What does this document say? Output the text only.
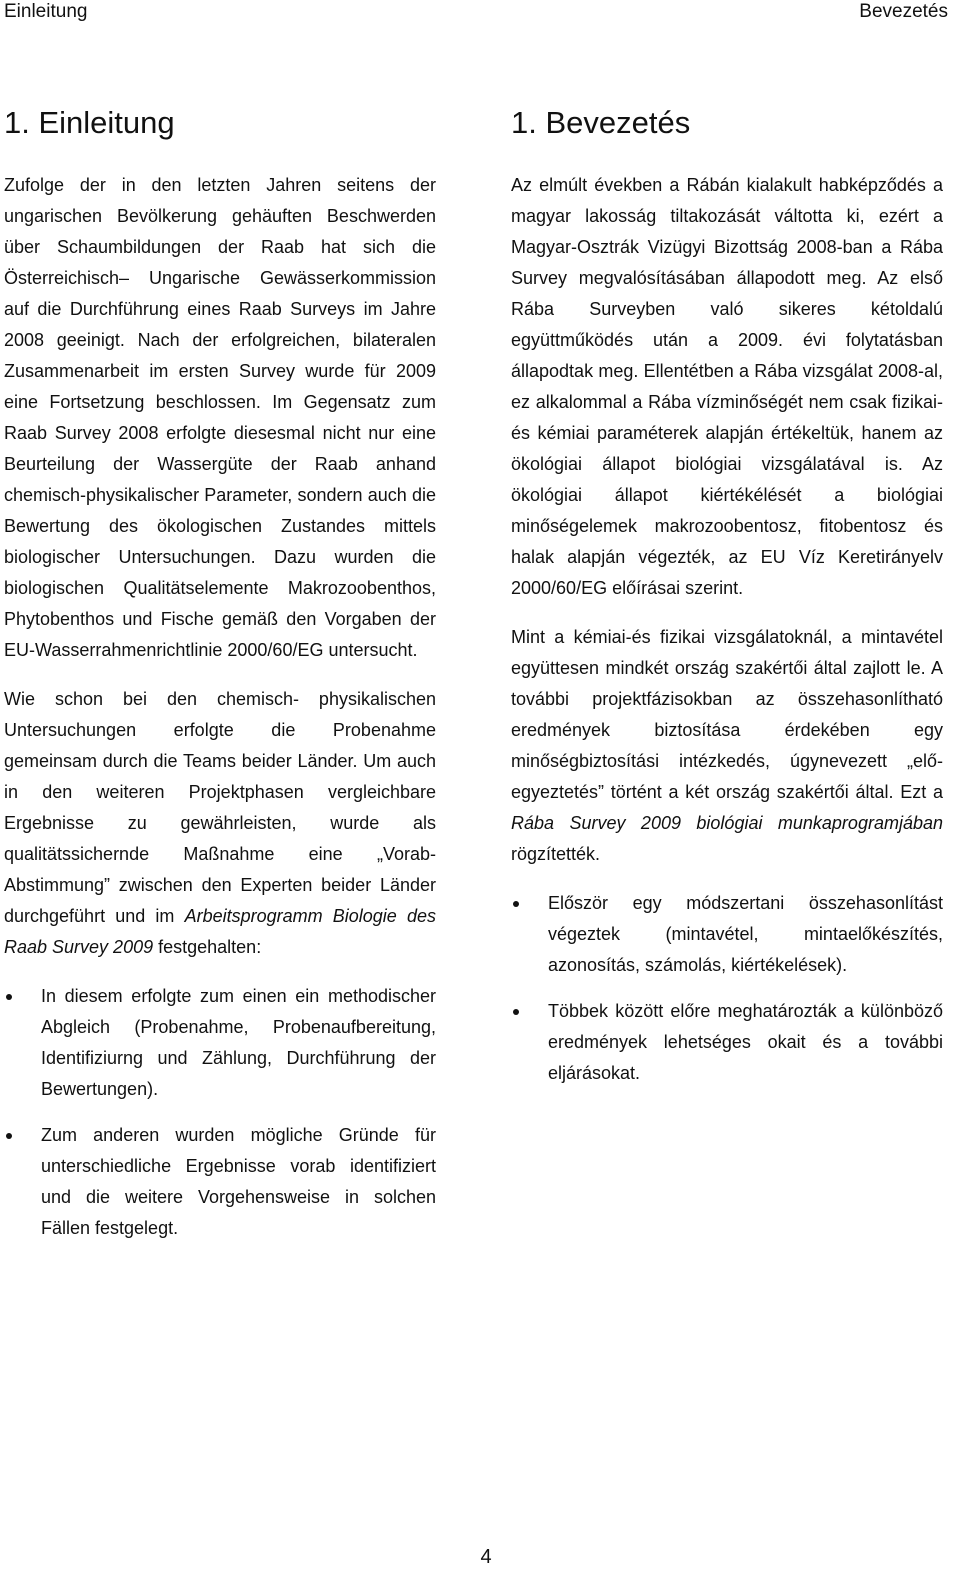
Einleitung	Bevezetés
1. Einleitung

Zufolge der in den letzten Jahren seitens der ungarischen Bevölkerung gehäuften Beschwerden über Schaumbildungen der Raab hat sich die Österreichisch– Ungarische Gewässerkommission auf die Durchführung eines Raab Surveys im Jahre 2008 geeinigt. Nach der erfolgreichen, bilateralen Zusammenarbeit im ersten Survey wurde für 2009 eine Fortsetzung beschlossen. Im Gegensatz zum Raab Survey 2008 erfolgte diesesmal nicht nur eine Beurteilung der Wassergüte der Raab anhand chemisch-physikalischer Parameter, sondern auch die Bewertung des ökologischen Zustandes mittels biologischer Untersuchungen. Dazu wurden die biologischen Qualitätselemente Makrozoobenthos, Phytobenthos und Fische gemäß den Vorgaben der EU-Wasserrahmenrichtlinie 2000/60/EG untersucht.

Wie schon bei den chemisch- physikalischen Untersuchungen erfolgte die Probenahme gemeinsam durch die Teams beider Länder. Um auch in den weiteren Projektphasen vergleichbare Ergebnisse zu gewährleisten, wurde als qualitätssichernde Maßnahme eine „Vorab- Abstimmung” zwischen den Experten beider Länder durchgeführt und im Arbeitsprogramm Biologie des Raab Survey 2009 festgehalten:

In diesem erfolgte zum einen ein methodischer Abgleich (Probenahme, Probenaufbereitung, Identifiziurng und Zählung, Durchführung der Bewertungen).
Zum anderen wurden mögliche Gründe für unterschiedliche Ergebnisse vorab identifiziert und die weitere Vorgehensweise in solchen Fällen festgelegt.
1. Bevezetés

Az elmúlt években a Rábán kialakult habképződés a magyar lakosság tiltakozását váltotta ki, ezért a Magyar-Osztrák Vizügyi Bizottság 2008-ban a Rába Survey megvalósításában állapodott meg. Az első Rába Surveyben való sikeres kétoldalú együttműködés után a 2009. évi folytatásban állapodtak meg. Ellentétben a Rába vizsgálat 2008-al, ez alkalommal a Rába vízminőségét nem csak fizikai-és kémiai paraméterek alapján értékeltük, hanem az ökológiai állapot biológiai vizsgálatával is. Az ökológiai állapot kiértékélését a biológiai minőségelemek makrozoobentosz, fitobentosz és halak alapján végezték, az EU Víz Keretirányelv 2000/60/EG előírásai szerint.

Mint a kémiai-és fizikai vizsgálatoknál, a mintavétel együttesen mindkét ország szakértői által zajlott le. A további projektfázisokban az összehasonlítható eredmények biztosítása érdekében egy minőségbiztosítási intézkedés, úgynevezett „elő-egyeztetés” történt a két ország szakértői által. Ezt a Rába Survey 2009 biológiai munkaprogramjában rögzítették.

Először egy módszertani összehasonlítást végeztek (mintavétel, mintaelőkészítés, azonosítás, számolás, kiértékelések).
Többek között előre meghatározták a különböző eredmények lehetséges okait és a további eljárásokat.
4
